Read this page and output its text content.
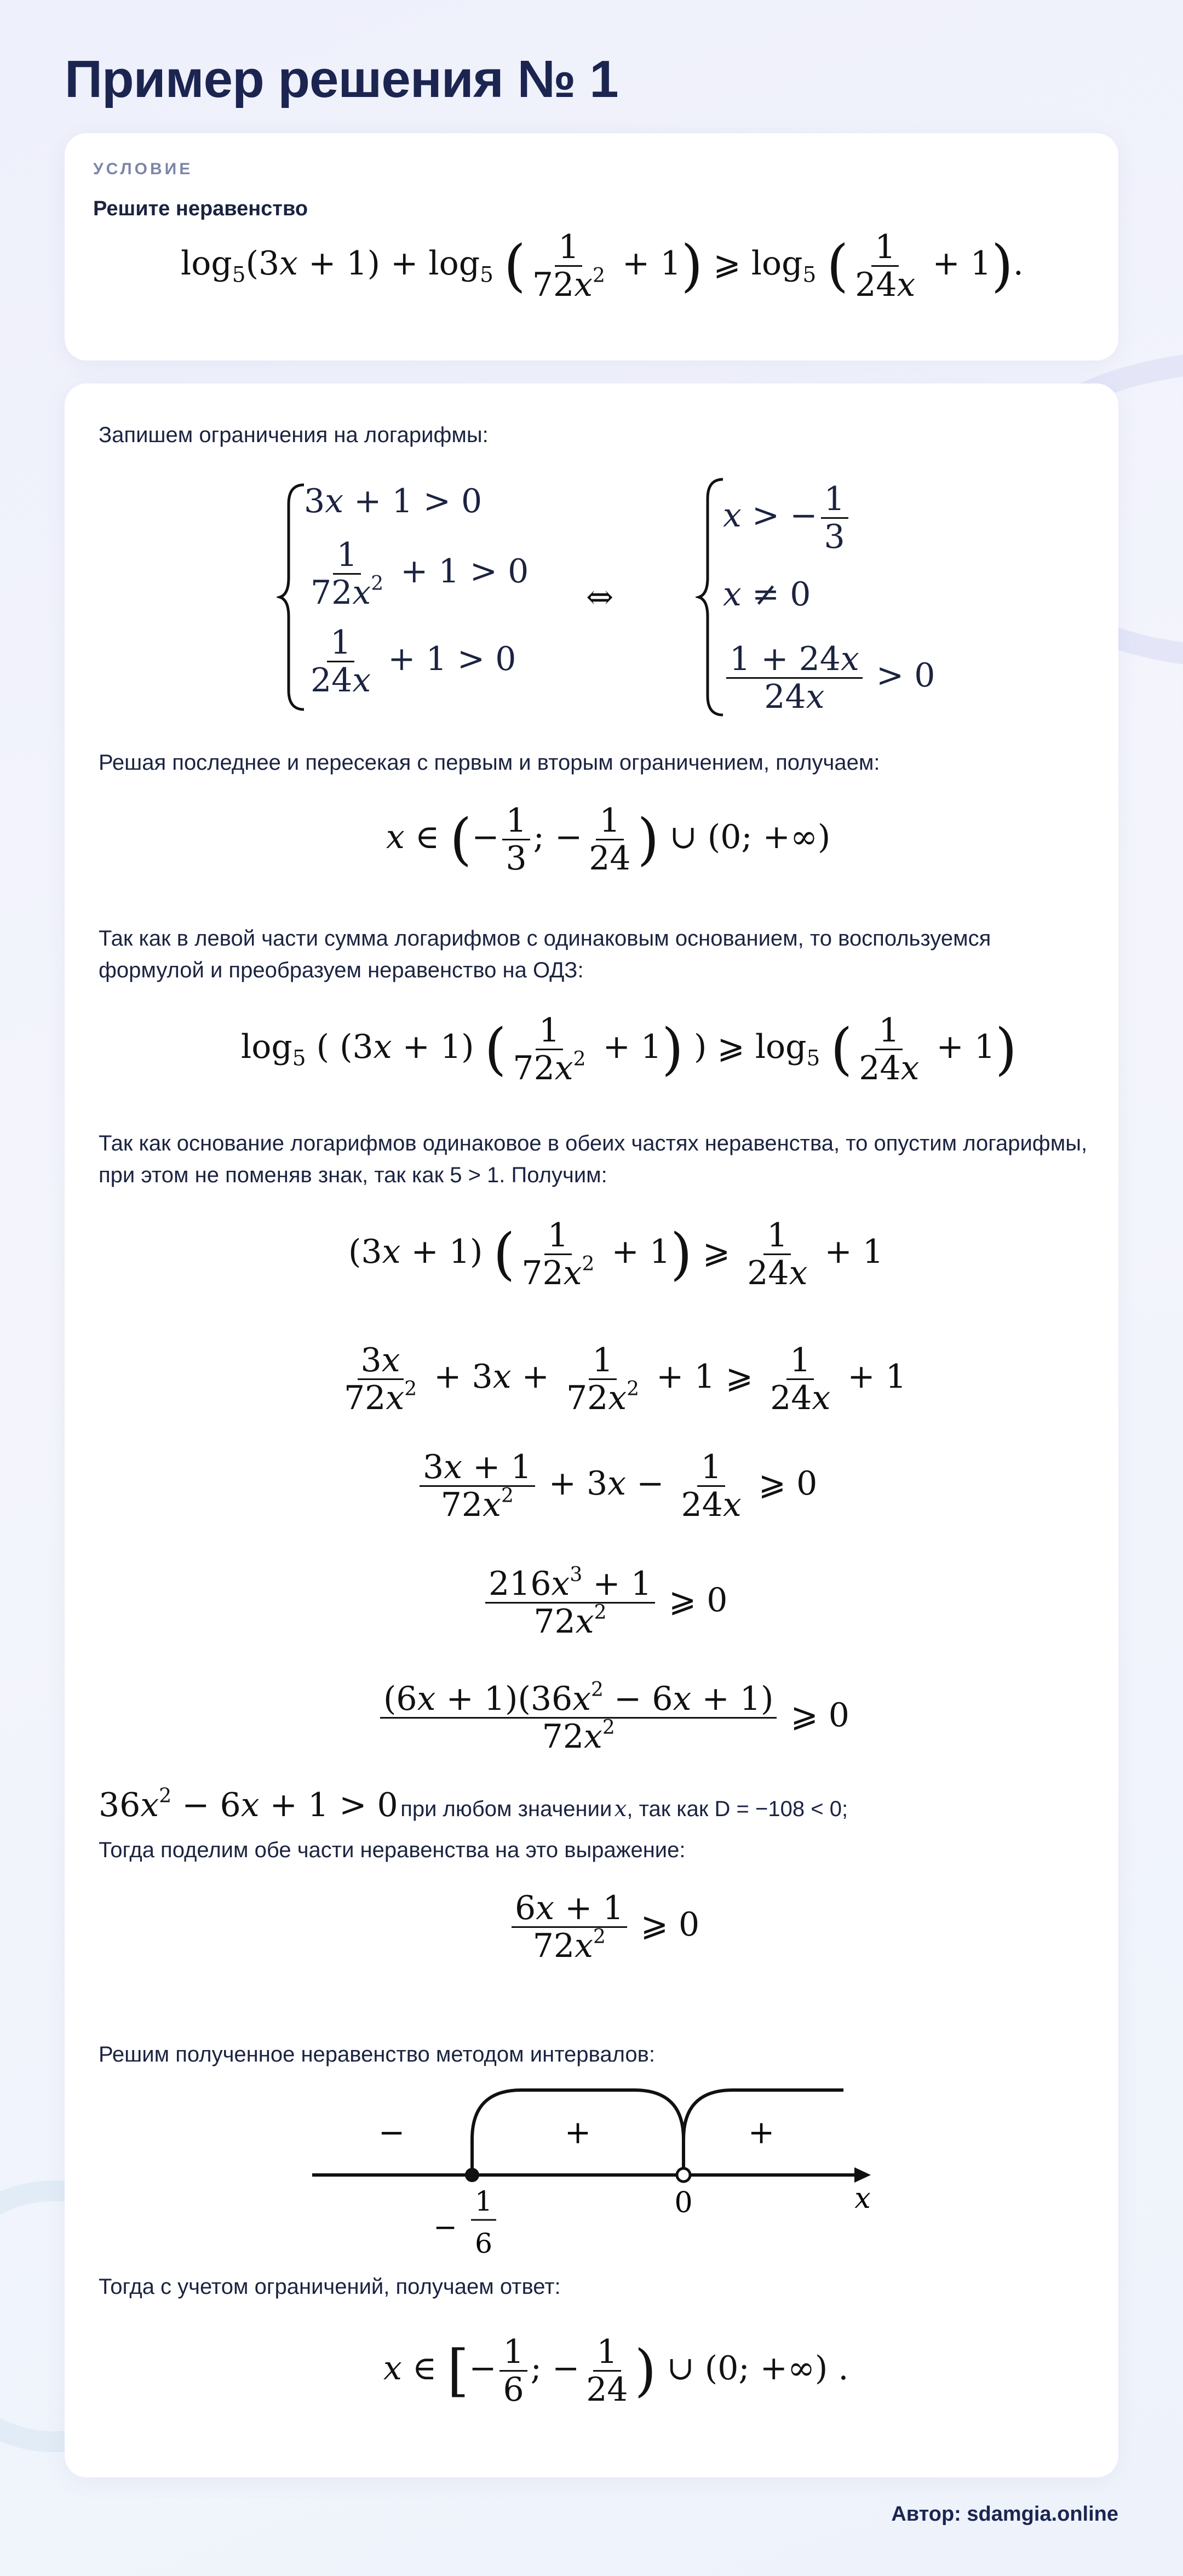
Пример решения № 1
УСЛОВИЕ
Решите неравенство
$\log_5(3x + 1) + \log_5$ ( $\frac{1}{72x^2} + 1$) ⩾ $\log_5$ ( $\frac{1}{24x} + 1$).
Запишем ограничения на логарифмы:
3x + 1 > 0
$\frac{1}{72x^2} + 1 > 0$
$\frac{1}{24x} + 1 > 0$
⇔
x > − $\frac{1}{3}$
x ≠ 0
$\frac{1 + 24x}{24x} > 0$
Решая последнее и пересекая с первым и вторым ограничением, получаем:
x ∈ (− $\frac{1}{3}$ ; − $\frac{1}{24}$ ) ∪ (0; +∞)
Так как в левой части сумма логарифмов с одинаковым основанием, то воспользуемся формулой и преобразуем неравенство на ОДЗ:
$\log_5$ ( (3x + 1) ( $\frac{1}{72x^2} + 1$) ) ⩾ $\log_5$ ( $\frac{1}{24x} + 1$)
Так как основание логарифмов одинаковое в обеих частях неравенства, то опустим логарифмы, при этом не поменяв знак, так как 5 > 1. Получим:
(3x + 1) ( $\frac{1}{72x^2} + 1$) ⩾ $\frac{1}{24x} + 1$
$\frac{3x}{72x^2} + 3x + \frac{1}{72x^2} + 1$ ⩾ $\frac{1}{24x} + 1$
$\frac{3x + 1}{72x^2} + 3x - \frac{1}{24x}$ ⩾ 0
$\frac{216x^3 + 1}{72x^2}$ ⩾ 0
$\frac{(6x + 1)(36x^2 - 6x + 1)}{72x^2}$ ⩾ 0
$36x^2 - 6x + 1 > 0$ при любом значении x, так как D = −108 < 0;
Тогда поделим обе части неравенства на это выражение:
$\frac{6x + 1}{72x^2}$ ⩾ 0
Решим полученное неравенство методом интервалов:
−	+	+
−
1
6
0	x
Тогда с учетом ограничений, получаем ответ:
x ∈ [− $\frac{1}{6}$ ; − $\frac{1}{24}$ ) ∪ (0; +∞) .
Автор: sdamgia.online
